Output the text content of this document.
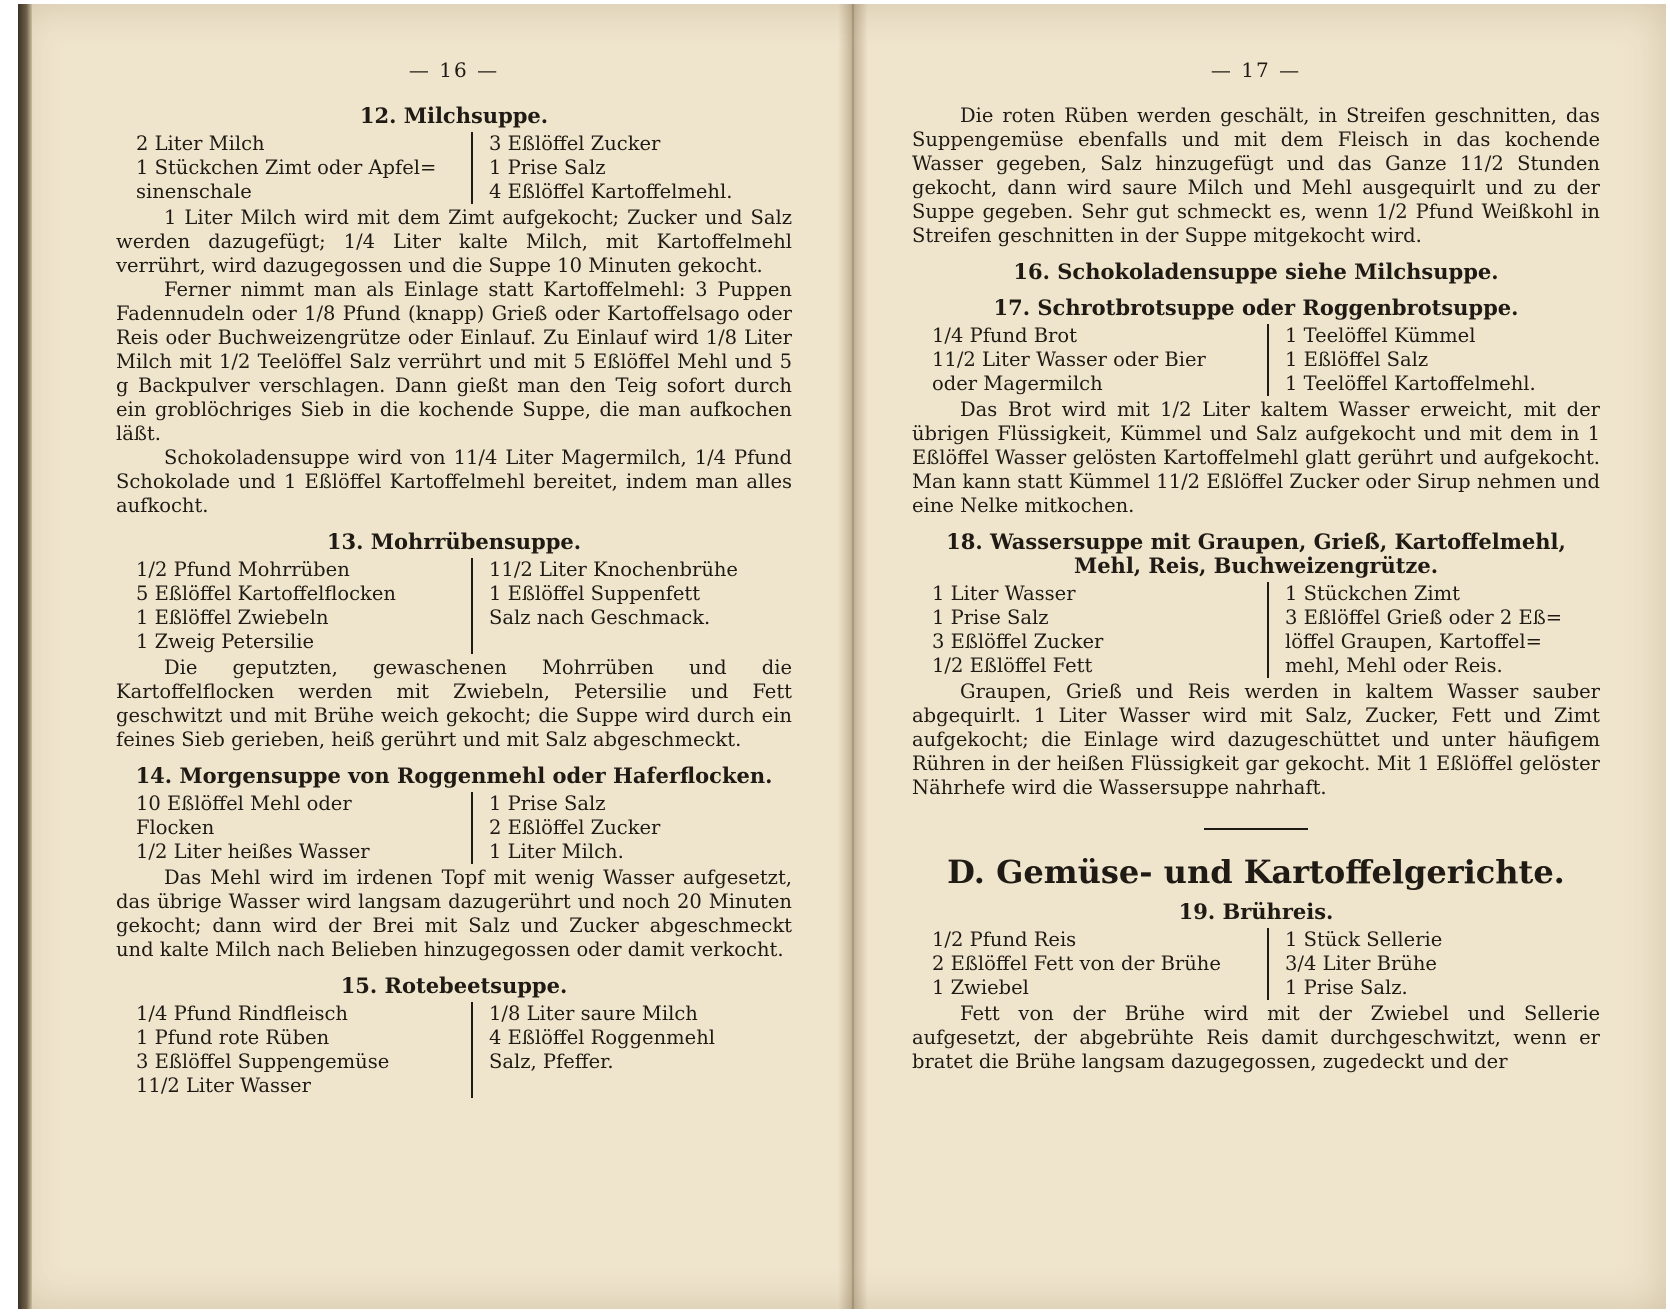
— 16 —
12. Milchsuppe.
2 Liter Milch
1 Stückchen Zimt oder Apfel=
sinenschale
3 Eßlöffel Zucker
1 Prise Salz
4 Eßlöffel Kartoffelmehl.

1 Liter Milch wird mit dem Zimt aufgekocht; Zucker und Salz werden dazugefügt; 1/4 Liter kalte Milch, mit Kartoffelmehl verrührt, wird dazugegossen und die Suppe 10 Minuten gekocht.

Ferner nimmt man als Einlage statt Kartoffelmehl: 3 Puppen Fadennudeln oder 1/8 Pfund (knapp) Grieß oder Kartoffelsago oder Reis oder Buchweizengrütze oder Einlauf. Zu Einlauf wird 1/8 Liter Milch mit 1/2 Teelöffel Salz verrührt und mit 5 Eßlöffel Mehl und 5 g Backpulver verschlagen. Dann gießt man den Teig sofort durch ein groblöchriges Sieb in die kochende Suppe, die man aufkochen läßt.

Schokoladensuppe wird von 11/4 Liter Magermilch, 1/4 Pfund Schokolade und 1 Eßlöffel Kartoffelmehl bereitet, indem man alles aufkocht.

13. Mohrrübensuppe.
1/2 Pfund Mohrrüben
5 Eßlöffel Kartoffelflocken
1 Eßlöffel Zwiebeln
1 Zweig Petersilie
11/2 Liter Knochenbrühe
1 Eßlöffel Suppenfett
Salz nach Geschmack.

Die geputzten, gewaschenen Mohrrüben und die Kartoffelflocken werden mit Zwiebeln, Petersilie und Fett geschwitzt und mit Brühe weich gekocht; die Suppe wird durch ein feines Sieb gerieben, heiß gerührt und mit Salz abgeschmeckt.

14. Morgensuppe von Roggenmehl oder Haferflocken.
10 Eßlöffel Mehl oder
Flocken
1/2 Liter heißes Wasser
1 Prise Salz
2 Eßlöffel Zucker
1 Liter Milch.

Das Mehl wird im irdenen Topf mit wenig Wasser aufgesetzt, das übrige Wasser wird langsam dazugerührt und noch 20 Minuten gekocht; dann wird der Brei mit Salz und Zucker abgeschmeckt und kalte Milch nach Belieben hinzugegossen oder damit verkocht.

15. Rotebeetsuppe.
1/4 Pfund Rindfleisch
1 Pfund rote Rüben
3 Eßlöffel Suppengemüse
11/2 Liter Wasser
1/8 Liter saure Milch
4 Eßlöffel Roggenmehl
Salz, Pfeffer.
— 17 —

Die roten Rüben werden geschält, in Streifen geschnitten, das Suppengemüse ebenfalls und mit dem Fleisch in das kochende Wasser gegeben, Salz hinzugefügt und das Ganze 11/2 Stunden gekocht, dann wird saure Milch und Mehl ausgequirlt und zu der Suppe gegeben. Sehr gut schmeckt es, wenn 1/2 Pfund Weißkohl in Streifen geschnitten in der Suppe mitgekocht wird.

16. Schokoladensuppe siehe Milchsuppe.
17. Schrotbrotsuppe oder Roggenbrotsuppe.
1/4 Pfund Brot
11/2 Liter Wasser oder Bier
oder Magermilch
1 Teelöffel Kümmel
1 Eßlöffel Salz
1 Teelöffel Kartoffelmehl.

Das Brot wird mit 1/2 Liter kaltem Wasser erweicht, mit der übrigen Flüssigkeit, Kümmel und Salz aufgekocht und mit dem in 1 Eßlöffel Wasser gelösten Kartoffelmehl glatt gerührt und aufgekocht. Man kann statt Kümmel 11/2 Eßlöffel Zucker oder Sirup nehmen und eine Nelke mitkochen.

18. Wassersuppe mit Graupen, Grieß, Kartoffelmehl, Mehl, Reis, Buchweizengrütze.
1 Liter Wasser
1 Prise Salz
3 Eßlöffel Zucker
1/2 Eßlöffel Fett
1 Stückchen Zimt
3 Eßlöffel Grieß oder 2 Eß=
löffel Graupen, Kartoffel=
mehl, Mehl oder Reis.

Graupen, Grieß und Reis werden in kaltem Wasser sauber abgequirlt. 1 Liter Wasser wird mit Salz, Zucker, Fett und Zimt aufgekocht; die Einlage wird dazugeschüttet und unter häufigem Rühren in der heißen Flüssigkeit gar gekocht. Mit 1 Eßlöffel gelöster Nährhefe wird die Wassersuppe nahrhaft.

D. Gemüse- und Kartoffelgerichte.
19. Brühreis.
1/2 Pfund Reis
2 Eßlöffel Fett von der Brühe
1 Zwiebel
1 Stück Sellerie
3/4 Liter Brühe
1 Prise Salz.

Fett von der Brühe wird mit der Zwiebel und Sellerie aufgesetzt, der abgebrühte Reis damit durchgeschwitzt, wenn er bratet die Brühe langsam dazugegossen, zugedeckt und der
